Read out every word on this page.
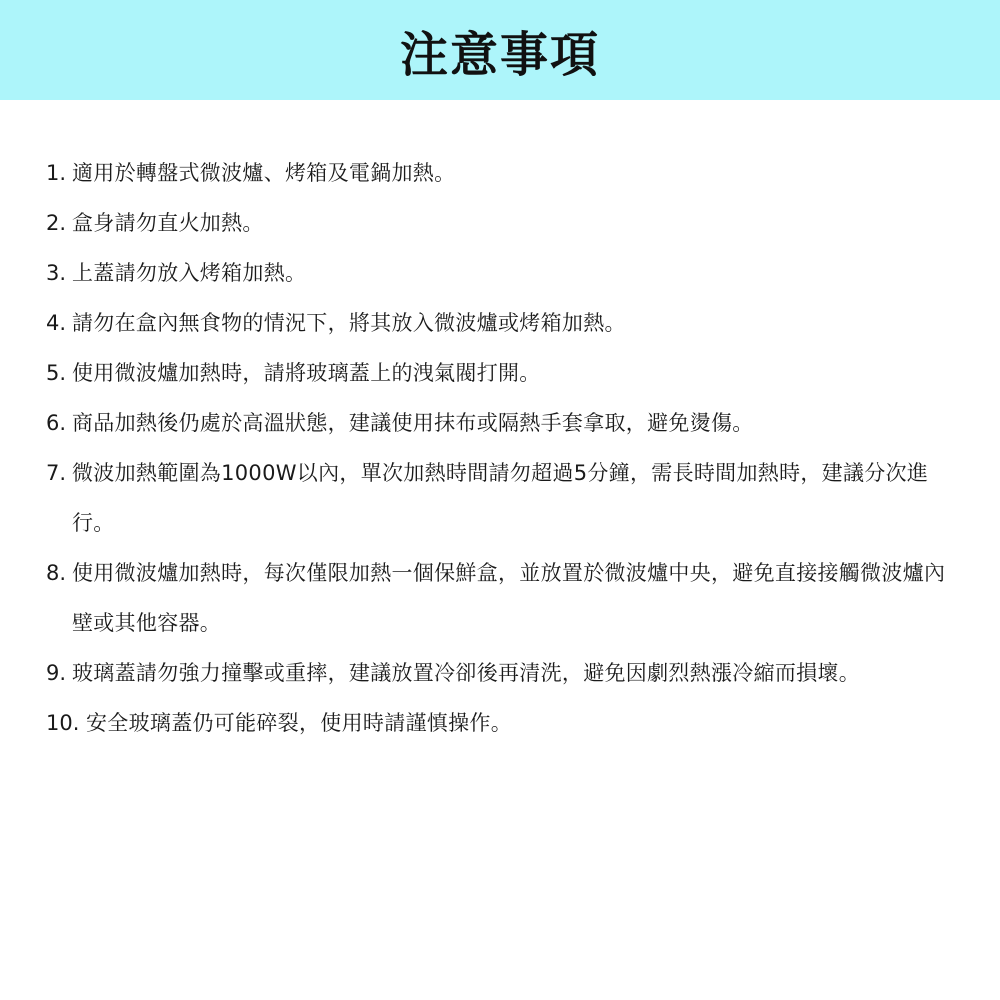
注意事項
1. 適用於轉盤式微波爐、烤箱及電鍋加熱。
2. 盒身請勿直火加熱。
3. 上蓋請勿放入烤箱加熱。
4. 請勿在盒內無食物的情況下，將其放入微波爐或烤箱加熱。
5. 使用微波爐加熱時，請將玻璃蓋上的洩氣閥打開。
6. 商品加熱後仍處於高溫狀態，建議使用抹布或隔熱手套拿取，避免燙傷。
7. 微波加熱範圍為1000W以內，單次加熱時間請勿超過5分鐘，需長時間加熱時，建議分次進行。
8. 使用微波爐加熱時，每次僅限加熱一個保鮮盒，並放置於微波爐中央，避免直接接觸微波爐內壁或其他容器。
9. 玻璃蓋請勿強力撞擊或重摔，建議放置冷卻後再清洗，避免因劇烈熱漲冷縮而損壞。
10. 安全玻璃蓋仍可能碎裂，使用時請謹慎操作。
